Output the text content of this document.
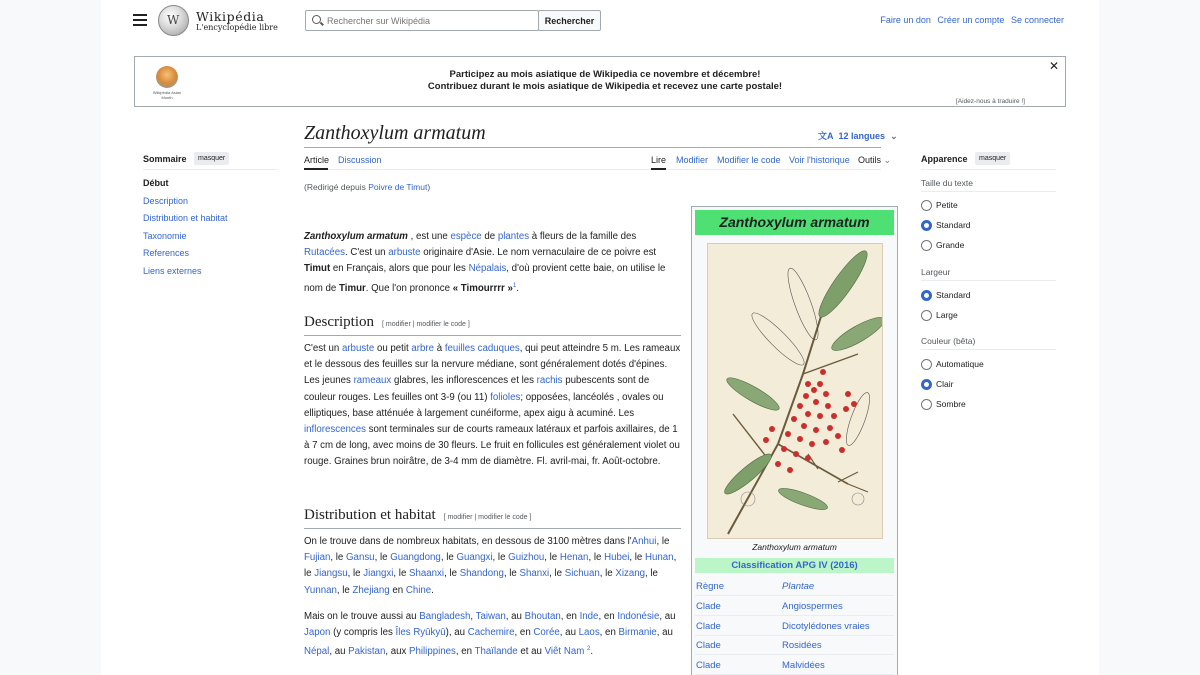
W
Wikipédia
L'encyclopédie libre
Rechercher sur Wikipédia
Rechercher	Faire un don Créer un compte Se connecter
Wikipédia Asian Month
Participez au mois asiatique de Wikipedia ce novembre et décembre!
Contribuez durant le mois asiatique de Wikipedia et recevez une carte postale!
✕
[Aidez-nous à traduire !]
Sommaire	masquer
Début
Description
Distribution et habitat
Taxonomie
References
Liens externes
Zanthoxylum armatum	文A 12 langues  ⌄
Article Discussion	Lire Modifier Modifier le code Voir l'historique Outils ⌄
(Redirigé depuis Poivre de Timut)
Zanthoxylum armatum , est une espèce de plantes à fleurs de la famille des Rutacées. C'est un arbuste originaire d'Asie. Le nom vernaculaire de ce poivre est Timut en Français, alors que pour les Népalais, d'où provient cette baie, on utilise le nom de Timur. Que l'on prononce « Timourrrr »$^1$.
Description [ modifier | modifier le code ]
C'est un arbuste ou petit arbre à feuilles caduques, qui peut atteindre 5 m. Les rameaux et le dessous des feuilles sur la nervure médiane, sont généralement dotés d'épines. Les jeunes rameaux glabres, les inflorescences et les rachis pubescents sont de couleur rouges. Les feuilles ont 3-9 (ou 11) folioles; opposées, lancéolés , ovales ou elliptiques, base atténuée à largement cunéiforme, apex aigu à acuminé. Les inflorescences sont terminales sur de courts rameaux latéraux et parfois axillaires, de 1 à 7 cm de long, avec moins de 30 fleurs. Le fruit en follicules est généralement violet ou rouge. Graines brun noirâtre, de 3-4 mm de diamètre. Fl. avril-mai, fr. Août-octobre.
Distribution et habitat [ modifier | modifier le code ]
On le trouve dans de nombreux habitats, en dessous de 3100 mètres dans l'Anhui, le Fujian, le Gansu, le Guangdong, le Guangxi, le Guizhou, le Henan, le Hubei, le Hunan, le Jiangsu, le Jiangxi, le Shaanxi, le Shandong, le Shanxi, le Sichuan, le Xizang, le Yunnan, le Zhejiang en Chine.
Mais on le trouve aussi au Bangladesh, Taiwan, au Bhoutan, en Inde, en Indonésie, au Japon (y compris les Îles Ryūkyū), au Cachemire, en Corée, au Laos, en Birmanie, au Népal, au Pakistan, aux Philippines, en Thaïlande et au Viêt Nam $^2$.
Zanthoxylum armatum
Zanthoxylum armatum
Classification APG IV (2016)
Règne	Plantae
Clade	Angiospermes
Clade	Dicotylédones vraies
Clade	Rosidées
Clade	Malvidées
Apparence	masquer
Taille du texte
Petite
Standard
Grande
Largeur
Standard
Large
Couleur (bêta)
Automatique
Clair
Sombre
